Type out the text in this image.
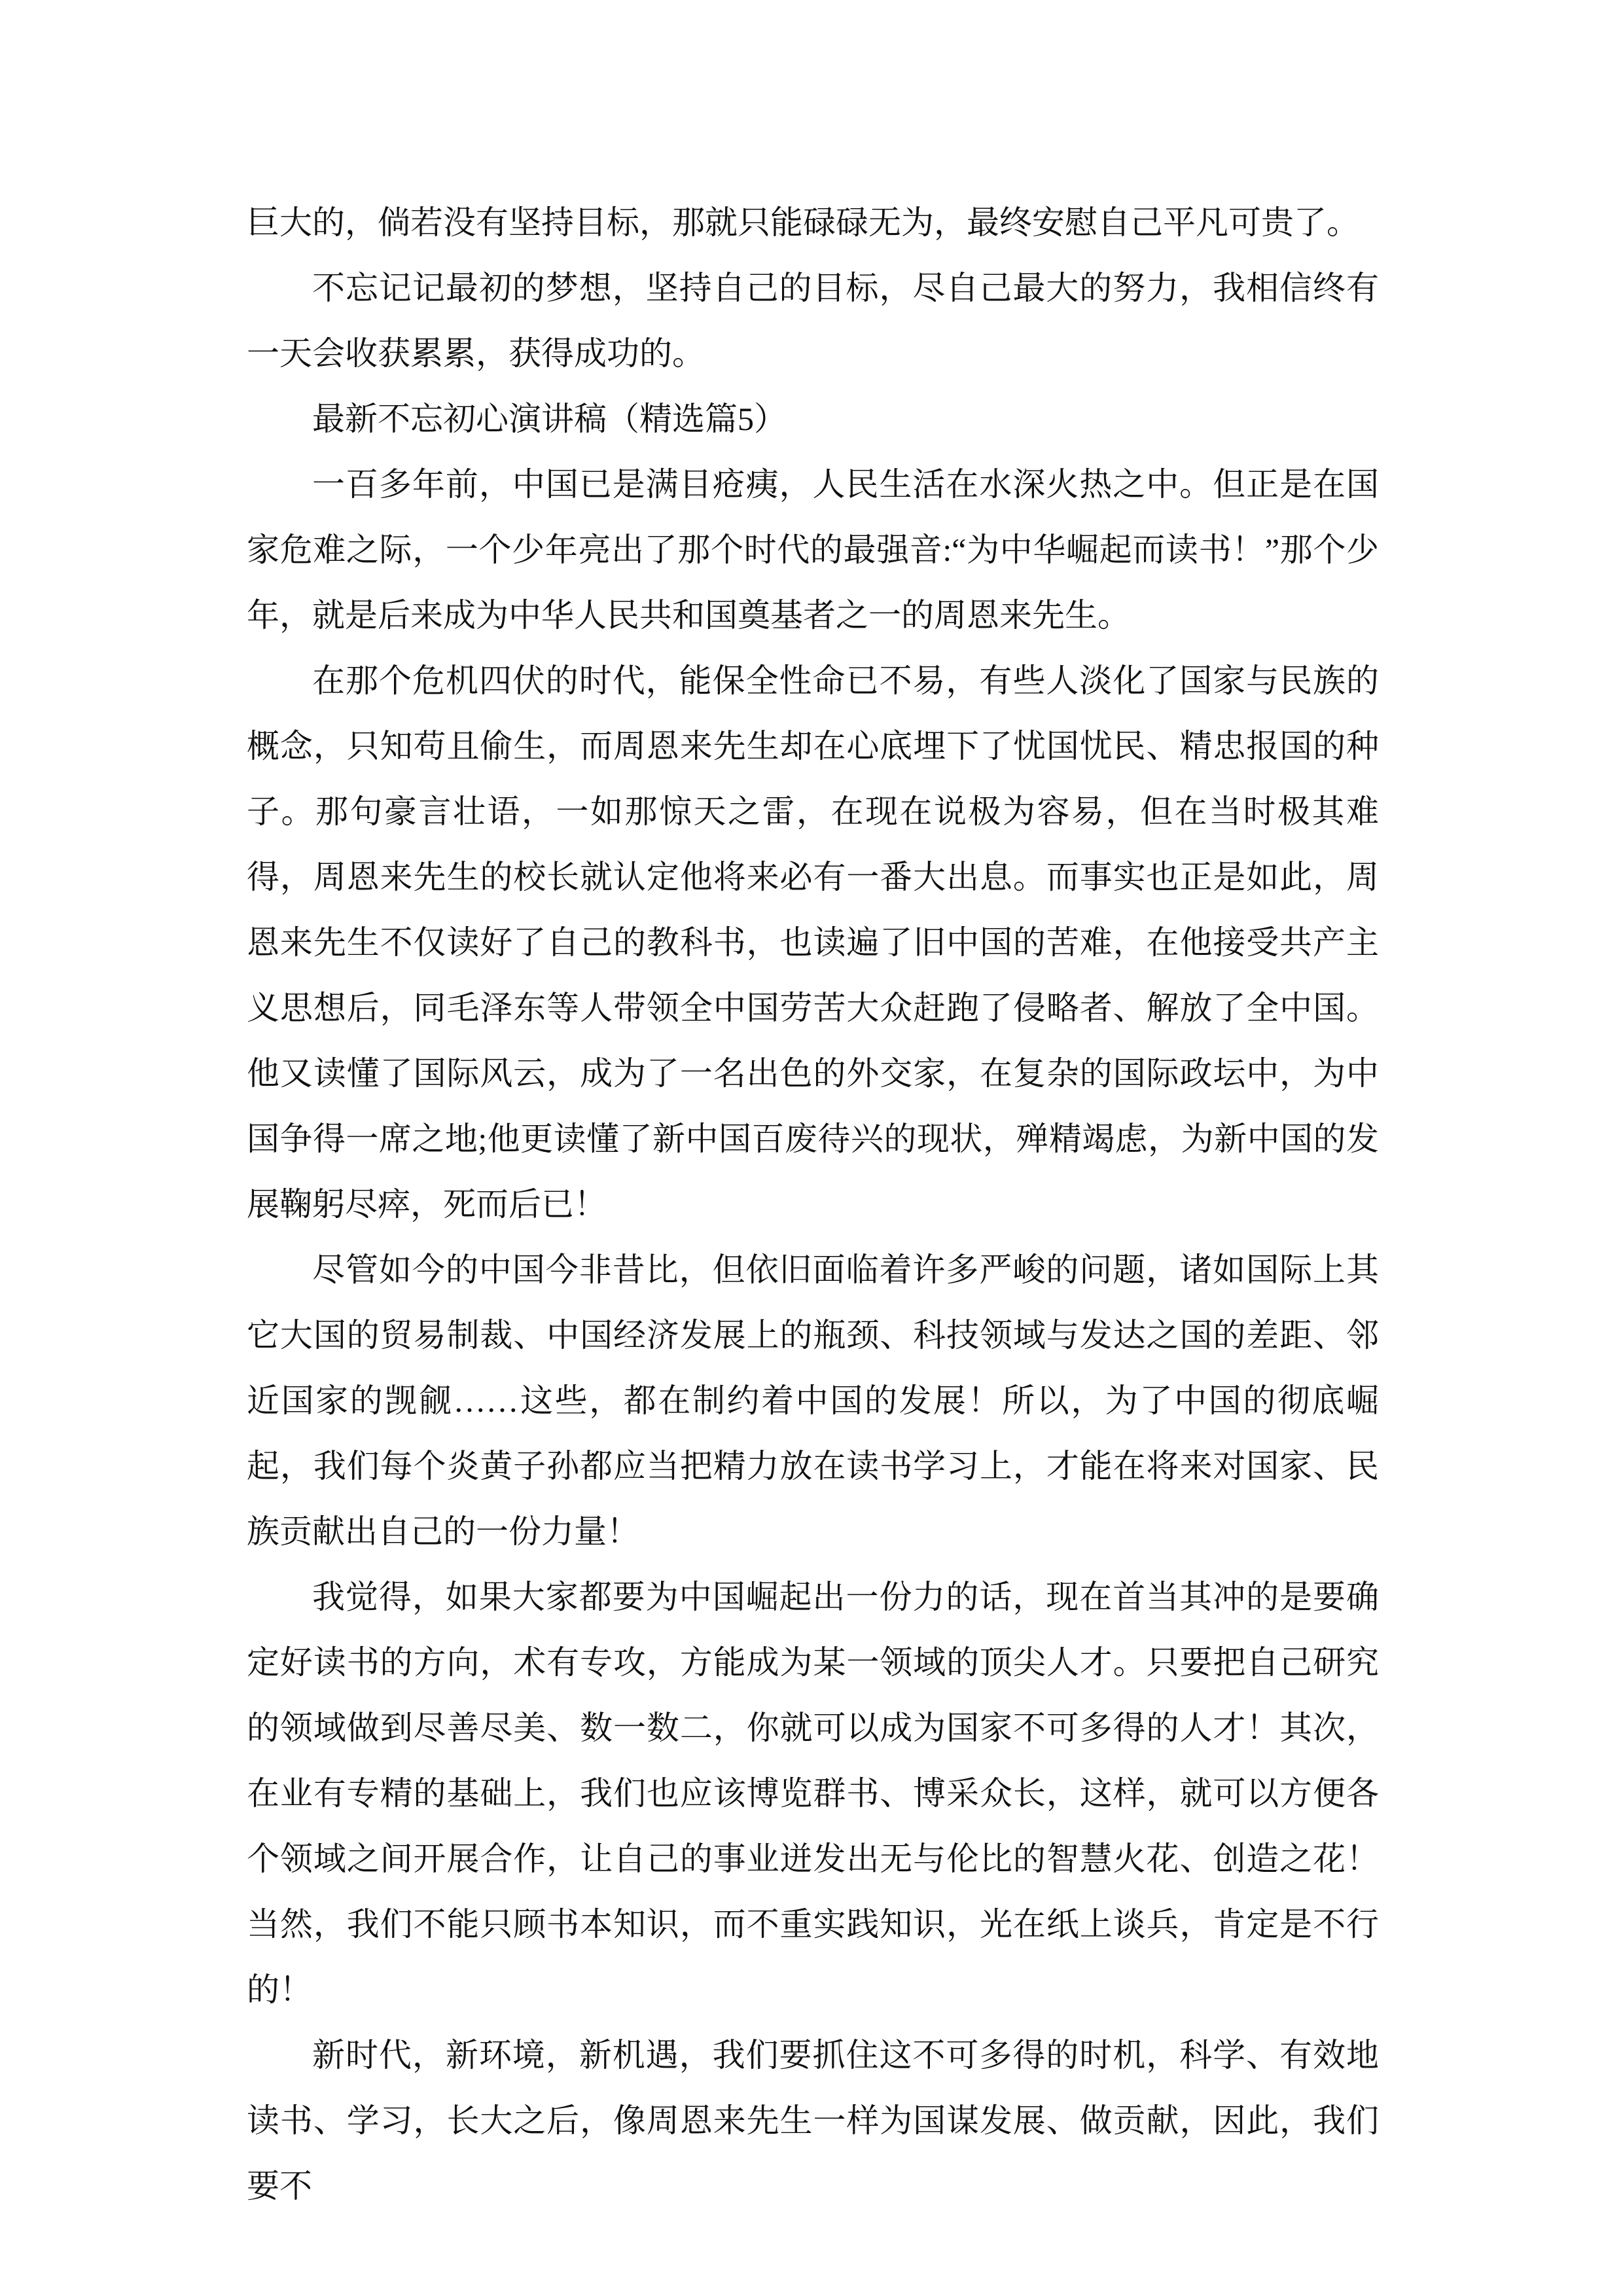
巨大的，倘若没有坚持目标，那就只能碌碌无为，最终安慰自己平凡可贵了。

不忘记记最初的梦想，坚持自己的目标，尽自己最大的努力，我相信终有一天会收获累累，获得成功的。

最新不忘初心演讲稿（精选篇5）

一百多年前，中国已是满目疮痍，人民生活在水深火热之中。但正是在国家危难之际，一个少年亮出了那个时代的最强音:“为中华崛起而读书！”那个少年，就是后来成为中华人民共和国奠基者之一的周恩来先生。

在那个危机四伏的时代，能保全性命已不易，有些人淡化了国家与民族的概念，只知苟且偷生，而周恩来先生却在心底埋下了忧国忧民、精忠报国的种子。那句豪言壮语，一如那惊天之雷，在现在说极为容易，但在当时极其难得，周恩来先生的校长就认定他将来必有一番大出息。而事实也正是如此，周恩来先生不仅读好了自己的教科书，也读遍了旧中国的苦难，在他接受共产主义思想后，同毛泽东等人带领全中国劳苦大众赶跑了侵略者、解放了全中国。他又读懂了国际风云，成为了一名出色的外交家，在复杂的国际政坛中，为中国争得一席之地;他更读懂了新中国百废待兴的现状，殚精竭虑，为新中国的发展鞠躬尽瘁，死而后已！

尽管如今的中国今非昔比，但依旧面临着许多严峻的问题，诸如国际上其它大国的贸易制裁、中国经济发展上的瓶颈、科技领域与发达之国的差距、邻近国家的觊觎……这些，都在制约着中国的发展！所以，为了中国的彻底崛起，我们每个炎黄子孙都应当把精力放在读书学习上，才能在将来对国家、民族贡献出自己的一份力量！

我觉得，如果大家都要为中国崛起出一份力的话，现在首当其冲的是要确定好读书的方向，术有专攻，方能成为某一领域的顶尖人才。只要把自己研究的领域做到尽善尽美、数一数二，你就可以成为国家不可多得的人才！其次，在业有专精的基础上，我们也应该博览群书、博采众长，这样，就可以方便各个领域之间开展合作，让自己的事业迸发出无与伦比的智慧火花、创造之花！当然，我们不能只顾书本知识，而不重实践知识，光在纸上谈兵，肯定是不行的！

新时代，新环境，新机遇，我们要抓住这不可多得的时机，科学、有效地读书、学习，长大之后，像周恩来先生一样为国谋发展、做贡献，因此，我们要不
